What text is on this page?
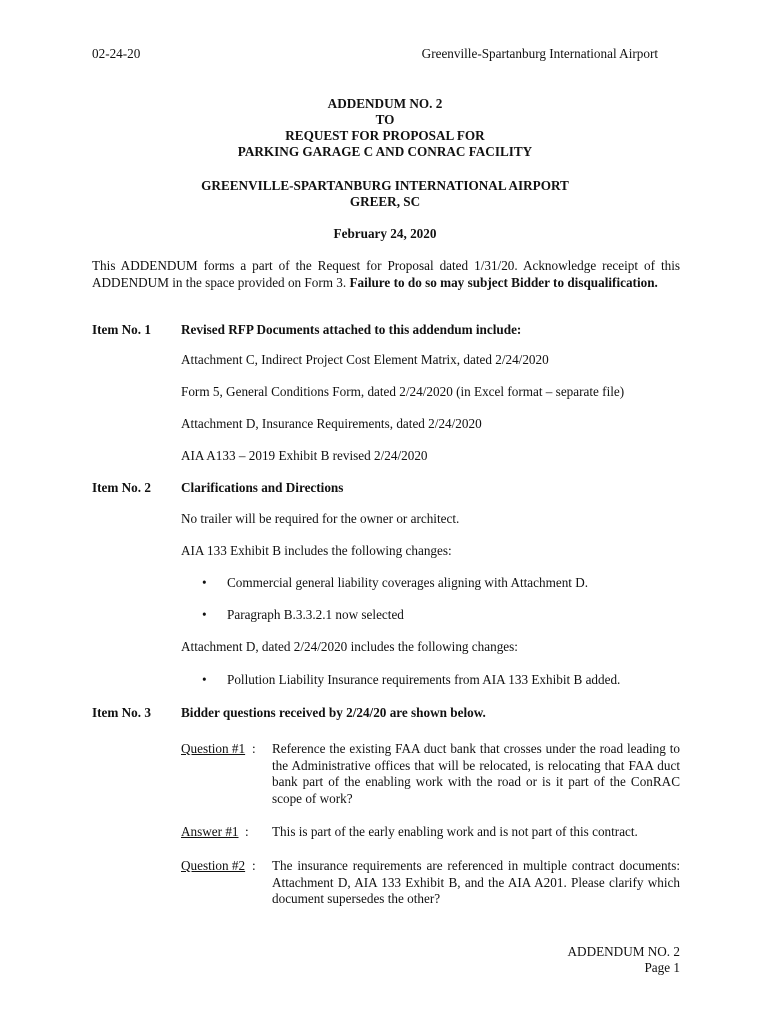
02-24-20	Greenville-Spartanburg International Airport
ADDENDUM NO. 2
TO
REQUEST FOR PROPOSAL FOR
PARKING GARAGE C AND CONRAC FACILITY
GREENVILLE-SPARTANBURG INTERNATIONAL AIRPORT
GREER, SC
February 24, 2020
This ADDENDUM forms a part of the Request for Proposal dated 1/31/20. Acknowledge receipt of this ADDENDUM in the space provided on Form 3. Failure to do so may subject Bidder to disqualification.
Item No. 1 Revised RFP Documents attached to this addendum include:
Attachment C, Indirect Project Cost Element Matrix, dated 2/24/2020
Form 5, General Conditions Form, dated 2/24/2020 (in Excel format – separate file)
Attachment D, Insurance Requirements, dated 2/24/2020
AIA A133 – 2019 Exhibit B revised 2/24/2020
Item No. 2 Clarifications and Directions
No trailer will be required for the owner or architect.
AIA 133 Exhibit B includes the following changes:
• Commercial general liability coverages aligning with Attachment D.
• Paragraph B.3.3.2.1 now selected
Attachment D, dated 2/24/2020 includes the following changes:
• Pollution Liability Insurance requirements from AIA 133 Exhibit B added.
Item No. 3 Bidder questions received by 2/24/20 are shown below.
Question #1 : Reference the existing FAA duct bank that crosses under the road leading to the Administrative offices that will be relocated, is relocating that FAA duct bank part of the enabling work with the road or is it part of the ConRAC scope of work?
Answer #1 : This is part of the early enabling work and is not part of this contract.
Question #2 : The insurance requirements are referenced in multiple contract documents: Attachment D, AIA 133 Exhibit B, and the AIA A201. Please clarify which document supersedes the other?
ADDENDUM NO. 2
Page 1
